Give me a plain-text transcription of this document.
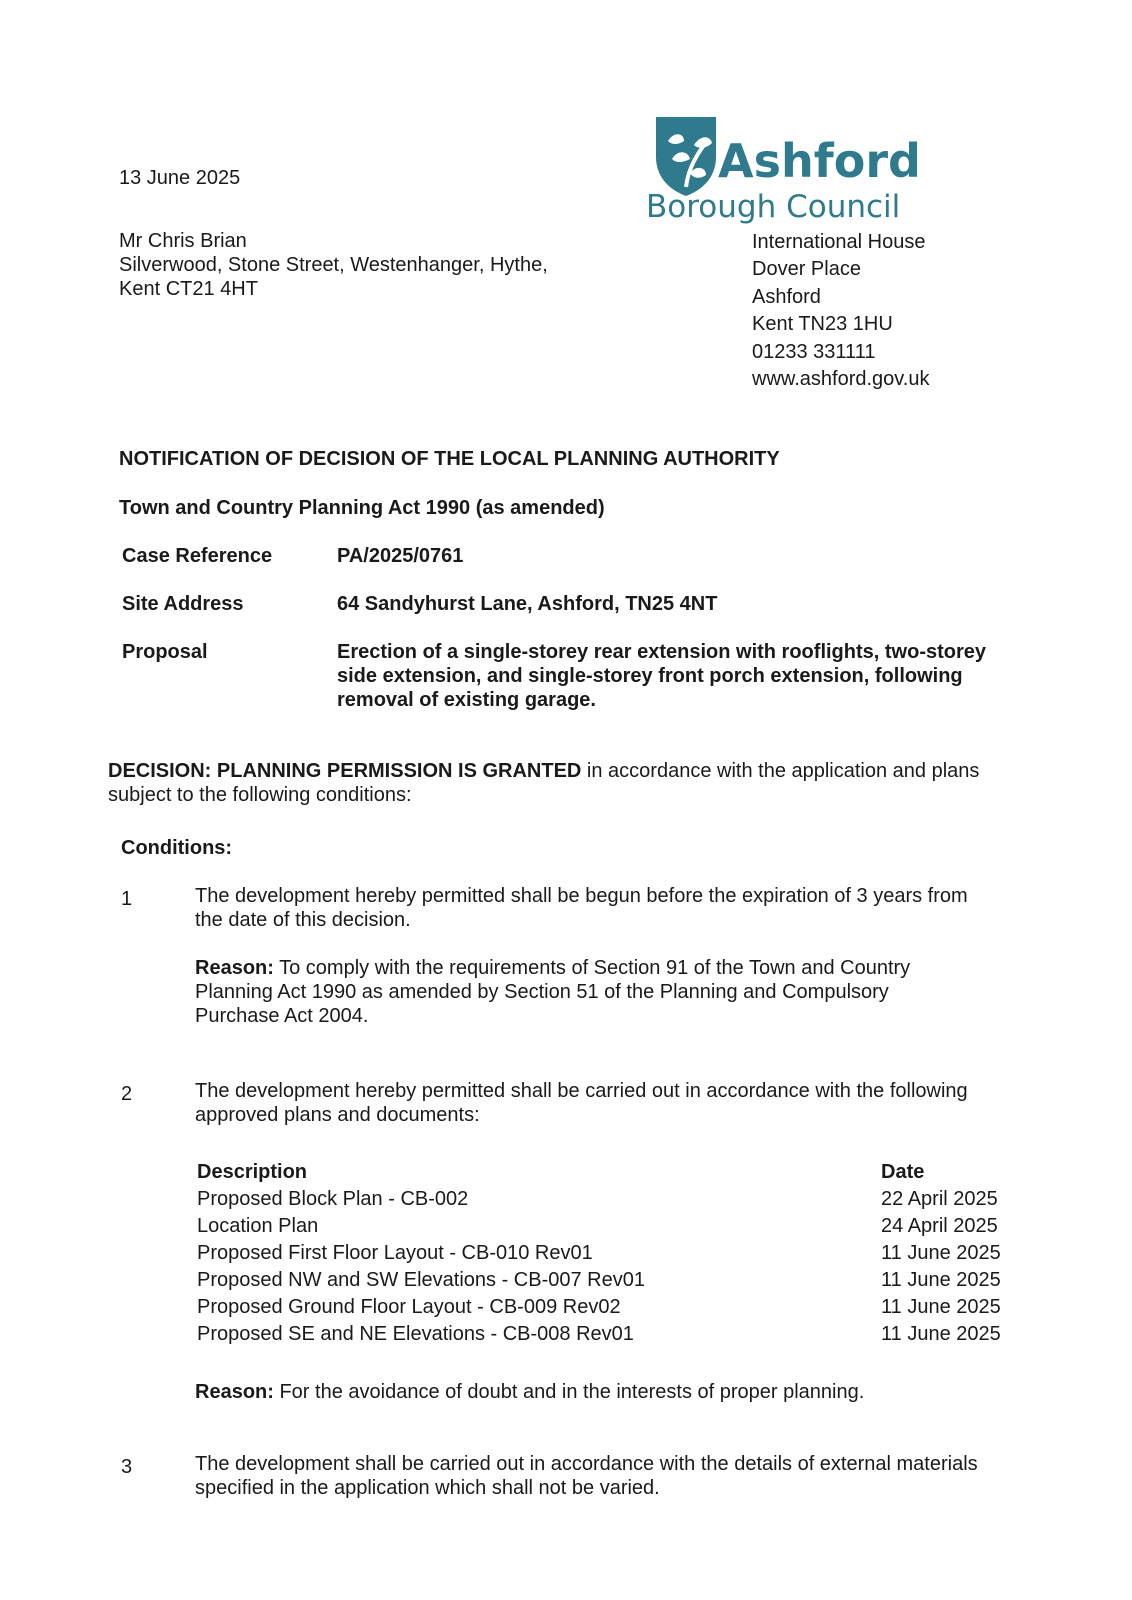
13 June 2025
Mr Chris Brian
Silverwood, Stone Street, Westenhanger, Hythe,
Kent CT21 4HT
Ashford
Borough Council
International House
Dover Place
Ashford
Kent TN23 1HU
01233 331111
www.ashford.gov.uk
NOTIFICATION OF DECISION OF THE LOCAL PLANNING AUTHORITY
Town and Country Planning Act 1990 (as amended)
Case Reference	PA/2025/0761
Site Address	64 Sandyhurst Lane, Ashford, TN25 4NT
Proposal	Erection of a single-storey rear extension with rooflights, two-storey
side extension, and single-storey front porch extension, following
removal of existing garage.
DECISION: PLANNING PERMISSION IS GRANTED in accordance with the application and plans
subject to the following conditions:
Conditions:
1	The development hereby permitted shall be begun before the expiration of 3 years from
the date of this decision.
Reason: To comply with the requirements of Section 91 of the Town and Country
Planning Act 1990 as amended by Section 51 of the Planning and Compulsory
Purchase Act 2004.
2	The development hereby permitted shall be carried out in accordance with the following
approved plans and documents:
Description	Date
Proposed Block Plan - CB-002	22 April 2025
Location Plan	24 April 2025
Proposed First Floor Layout - CB-010 Rev01	11 June 2025
Proposed NW and SW Elevations - CB-007 Rev01	11 June 2025
Proposed Ground Floor Layout - CB-009 Rev02	11 June 2025
Proposed SE and NE Elevations - CB-008 Rev01	11 June 2025
Reason: For the avoidance of doubt and in the interests of proper planning.
3	The development shall be carried out in accordance with the details of external materials
specified in the application which shall not be varied.
